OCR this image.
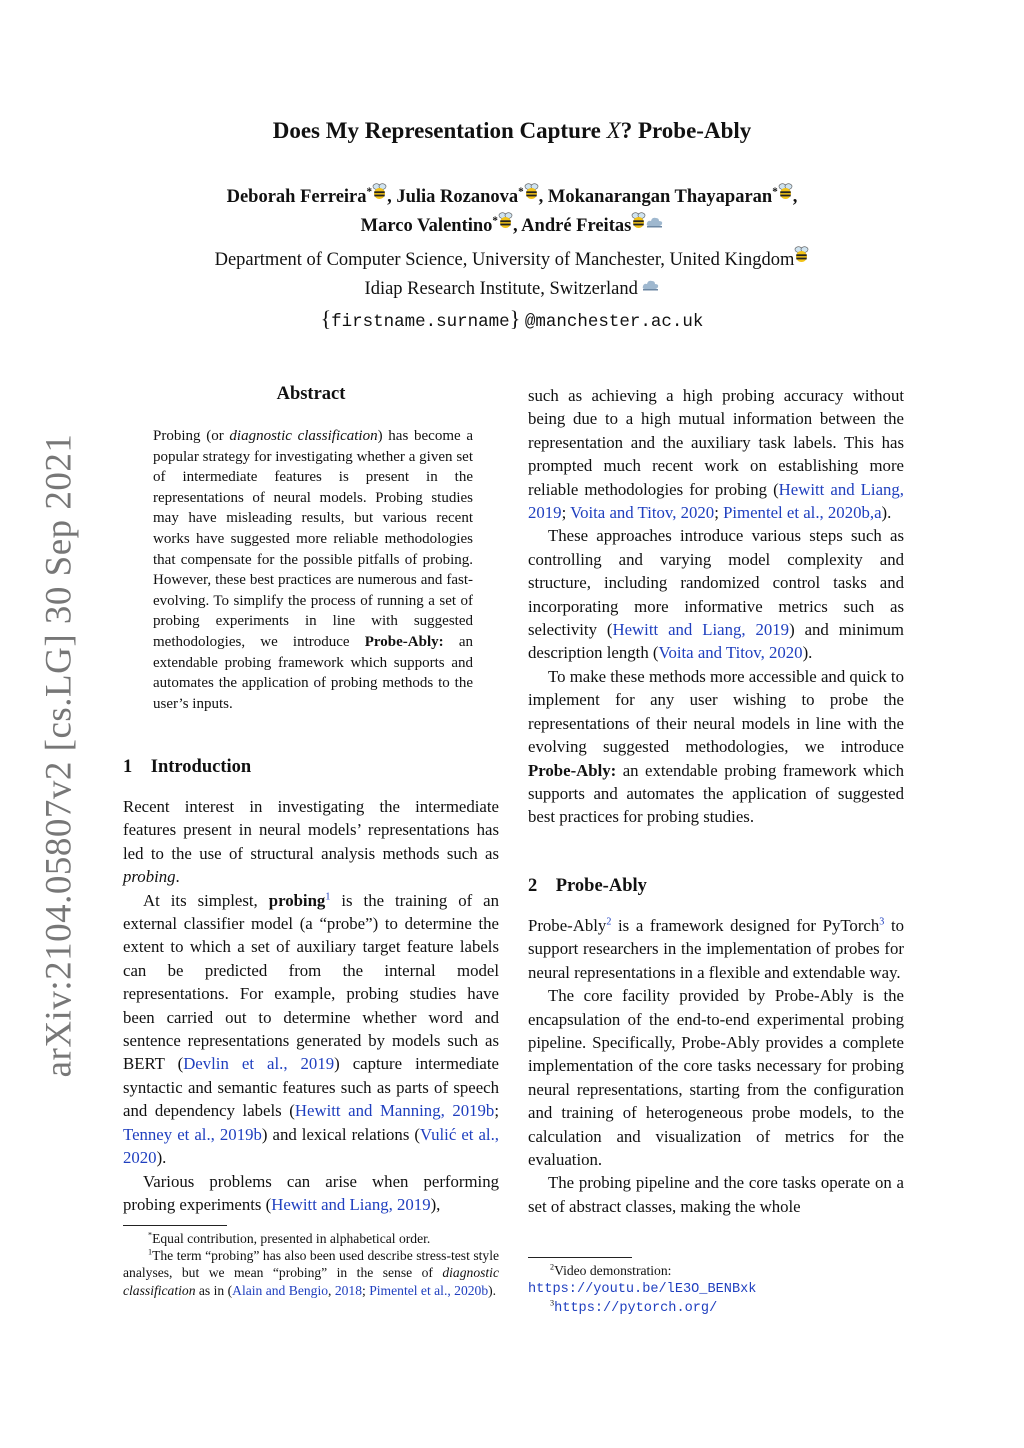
arXiv:2104.05807v2 [cs.LG] 30 Sep 2021
Does My Representation Capture X? Probe-Ably
Deborah Ferreira* , Julia Rozanova* , Mokanarangan Thayaparan* ,
Marco Valentino* , André Freitas
Department of Computer Science, University of Manchester, United Kingdom
Idiap Research Institute, Switzerland
{firstname.surname} @manchester.ac.uk
Abstract

Probing (or diagnostic classification) has become a popular strategy for investigating whether a given set of intermediate features is present in the representations of neural models. Probing studies may have misleading results, but various recent works have suggested more reliable methodologies that compensate for the possible pitfalls of probing. However, these best practices are numerous and fast-evolving. To simplify the process of running a set of probing experiments in line with suggested methodologies, we introduce Probe-Ably: an extendable probing framework which supports and automates the application of probing methods to the user’s inputs.

1    Introduction

Recent interest in investigating the intermediate features present in neural models’ representations has led to the use of structural analysis methods such as probing.

At its simplest, probing$^1$ is the training of an external classifier model (a “probe”) to determine the extent to which a set of auxiliary target feature labels can be predicted from the internal model representations. For example, probing studies have been carried out to determine whether word and sentence representations generated by models such as BERT (Devlin et al., 2019) capture intermediate syntactic and semantic features such as parts of speech and dependency labels (Hewitt and Manning, 2019b; Tenney et al., 2019b) and lexical relations (Vulić et al., 2020).

Various problems can arise when performing probing experiments (Hewitt and Liang, 2019),

*Equal contribution, presented in alphabetical order.

$^1$The term “probing” has also been used describe stress-test style analyses, but we mean “probing” in the sense of diagnostic classification as in (Alain and Bengio, 2018; Pimentel et al., 2020b).

such as achieving a high probing accuracy without being due to a high mutual information between the representation and the auxiliary task labels. This has prompted much recent work on establishing more reliable methodologies for probing (Hewitt and Liang, 2019; Voita and Titov, 2020; Pimentel et al., 2020b,a).

These approaches introduce various steps such as controlling and varying model complexity and structure, including randomized control tasks and incorporating more informative metrics such as selectivity (Hewitt and Liang, 2019) and minimum description length (Voita and Titov, 2020).

To make these methods more accessible and quick to implement for any user wishing to probe the representations of their neural models in line with the evolving suggested methodologies, we introduce Probe-Ably: an extendable probing framework which supports and automates the application of suggested best practices for probing studies.

2    Probe-Ably

Probe-Ably$^2$ is a framework designed for PyTorch$^3$ to support researchers in the implementation of probes for neural representations in a flexible and extendable way.

The core facility provided by Probe-Ably is the encapsulation of the end-to-end experimental probing pipeline. Specifically, Probe-Ably provides a complete implementation of the core tasks necessary for probing neural representations, starting from the configuration and training of heterogeneous probe models, to the calculation and visualization of metrics for the evaluation.

The probing pipeline and the core tasks operate on a set of abstract classes, making the whole

$^2$Video demonstration:

https://youtu.be/lE3O_BENBxk

$^3$https://pytorch.org/
